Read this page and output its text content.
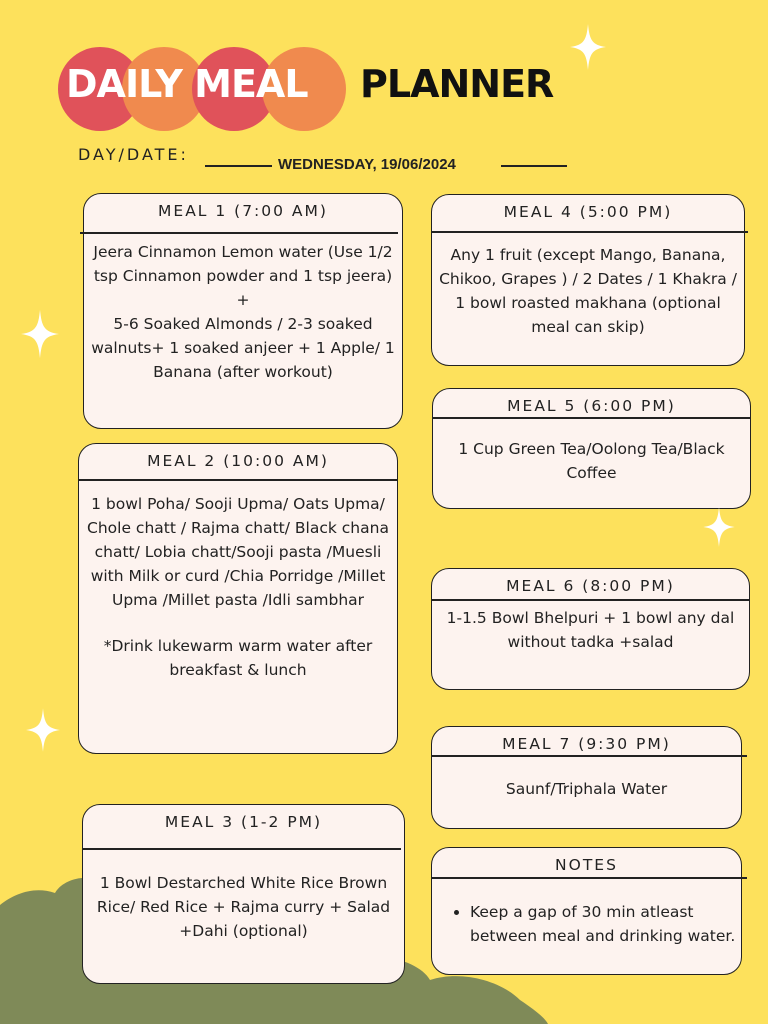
DAILY MEAL PLANNER
DAY/DATE:
WEDNESDAY, 19/06/2024
MEAL 1 (7:00 AM)

Jeera Cinnamon Lemon water (Use 1/2 tsp Cinnamon powder and 1 tsp jeera)

+

5-6 Soaked Almonds / 2-3 soaked walnuts+ 1 soaked anjeer + 1 Apple/ 1 Banana (after workout)

MEAL 2 (10:00 AM)

1 bowl Poha/ Sooji Upma/ Oats Upma/ Chole chatt / Rajma chatt/ Black chana chatt/ Lobia chatt/Sooji pasta /Muesli with Milk or curd /Chia Porridge /Millet Upma /Millet pasta /Idli sambhar

*Drink lukewarm warm water after breakfast & lunch

MEAL 3 (1-2 PM)

1 Bowl Destarched White Rice Brown Rice/ Red Rice + Rajma curry + Salad +Dahi (optional)

MEAL 4 (5:00 PM)

Any 1 fruit (except Mango, Banana, Chikoo, Grapes ) / 2 Dates / 1 Khakra / 1 bowl roasted makhana (optional meal can skip)

MEAL 5 (6:00 PM)

1 Cup Green Tea/Oolong Tea/Black Coffee

MEAL 6 (8:00 PM)

1-1.5 Bowl Bhelpuri + 1 bowl any dal without tadka +salad

MEAL 7 (9:30 PM)

Saunf/Triphala Water

NOTES
• Keep a gap of 30 min atleast between meal and drinking water.
